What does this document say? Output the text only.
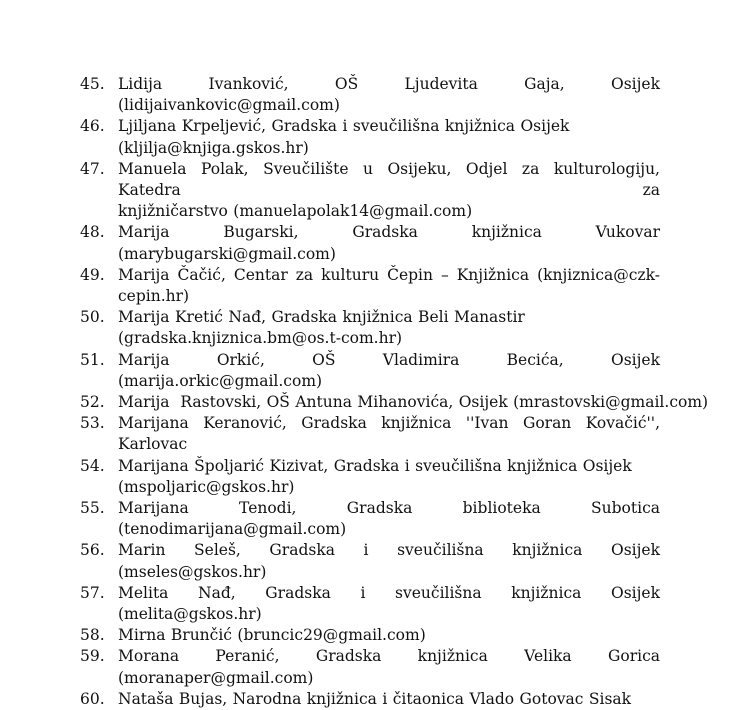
45. Lidija Ivanković, OŠ Ljudevita Gaja, Osijek (lidijaivankovic@gmail.com)
46. Ljiljana Krpeljević, Gradska i sveučilišna knjižnica Osijek
(kljilja@knjiga.gskos.hr)
47. Manuela Polak, Sveučilište u Osijeku, Odjel za kulturologiju, Katedra za
knjižničarstvo (manuelapolak14@gmail.com)
48. Marija Bugarski, Gradska knjižnica Vukovar (marybugarski@gmail.com)
49. Marija Čačić, Centar za kulturu Čepin – Knjižnica (knjiznica@czk-cepin.hr)
50. Marija Kretić Nađ, Gradska knjižnica Beli Manastir
(gradska.knjiznica.bm@os.t-com.hr)
51. Marija Orkić, OŠ Vladimira Becića, Osijek (marija.orkic@gmail.com)
52. Marija  Rastovski, OŠ Antuna Mihanovića, Osijek (mrastovski@gmail.com)
53. Marijana Keranović, Gradska knjižnica ''Ivan Goran Kovačić'', Karlovac
54. Marijana Špoljarić Kizivat, Gradska i sveučilišna knjižnica Osijek
(mspoljaric@gskos.hr)
55. Marijana Tenodi, Gradska biblioteka Subotica (tenodimarijana@gmail.com)
56. Marin Seleš, Gradska i sveučilišna knjižnica Osijek (mseles@gskos.hr)
57. Melita Nađ, Gradska i sveučilišna knjižnica Osijek (melita@gskos.hr)
58. Mirna Brunčić (bruncic29@gmail.com)
59. Morana Peranić, Gradska knjižnica Velika Gorica (moranaper@gmail.com)
60. Nataša Bujas, Narodna knjižnica i čitaonica Vlado Gotovac Sisak
